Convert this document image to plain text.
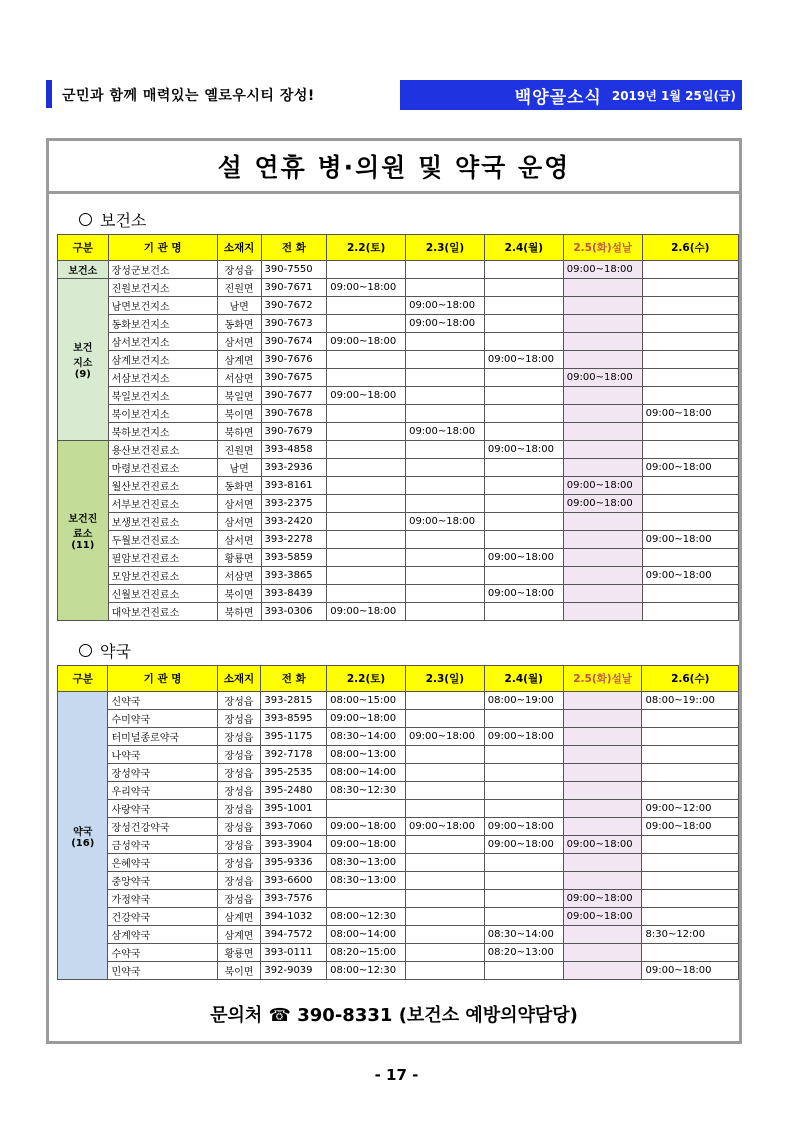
군민과 함께 매력있는 옐로우시티 장성!	백양골소식 2019년 1월 25일(금)
설 연휴 병·의원 및 약국 운영
보건소
구분	기 관 명	소재지	전 화	2.2(토)	2.3(일)	2.4(월)	2.5(화)설날	2.6(수)
보건소	장성군보건소	장성읍	390-7550				09:00~18:00	
보건
지소
(9)	진원보건지소	진원면	390-7671	09:00~18:00				
	남면보건지소	남면	390-7672		09:00~18:00			
	동화보건지소	동화면	390-7673		09:00~18:00			
	삼서보건지소	삼서면	390-7674	09:00~18:00				
	삼계보건지소	삼계면	390-7676			09:00~18:00		
	서삼보건지소	서삼면	390-7675				09:00~18:00	
	북일보건지소	북일면	390-7677	09:00~18:00				
	북이보건지소	북이면	390-7678					09:00~18:00
	북하보건지소	북하면	390-7679		09:00~18:00			
보건진
료소
(11)	용산보건진료소	진원면	393-4858			09:00~18:00		
	마령보건진료소	남면	393-2936					09:00~18:00
	월산보건진료소	동화면	393-8161				09:00~18:00	
	서부보건진료소	삼서면	393-2375				09:00~18:00	
	보생보건진료소	삼서면	393-2420		09:00~18:00			
	두월보건진료소	삼서면	393-2278					09:00~18:00
	필암보건진료소	황룡면	393-5859			09:00~18:00		
	모암보건진료소	서삼면	393-3865					09:00~18:00
	신월보건진료소	북이면	393-8439			09:00~18:00		
	대악보건진료소	북하면	393-0306	09:00~18:00				
약국
구분	기 관 명	소재지	전 화	2.2(토)	2.3(일)	2.4(월)	2.5(화)설날	2.6(수)
약국
(16)	신약국	장성읍	393-2815	08:00~15:00		08:00~19:00		08:00~19::00
	수미약국	장성읍	393-8595	09:00~18:00				
	터미널종로약국	장성읍	395-1175	08:30~14:00	09:00~18:00	09:00~18:00		
	나약국	장성읍	392-7178	08:00~13:00				
	장성약국	장성읍	395-2535	08:00~14:00				
	우리약국	장성읍	395-2480	08:30~12:30				
	사랑약국	장성읍	395-1001					09:00~12:00
	장성건강약국	장성읍	393-7060	09:00~18:00	09:00~18:00	09:00~18:00		09:00~18:00
	금성약국	장성읍	393-3904	09:00~18:00		09:00~18:00	09:00~18:00	
	은혜약국	장성읍	395-9336	08:30~13:00				
	중앙약국	장성읍	393-6600	08:30~13:00				
	가정약국	장성읍	393-7576				09:00~18:00	
	건강약국	삼계면	394-1032	08:00~12:30			09:00~18:00	
	삼계약국	삼계면	394-7572	08:00~14:00		08:30~14:00		8:30~12:00
	수약국	황룡면	393-0111	08:20~15:00		08:20~13:00		
	민약국	북이면	392-9039	08:00~12:30				09:00~18:00
문의처 ☎ 390-8331 (보건소 예방의약담당)
- 17 -
